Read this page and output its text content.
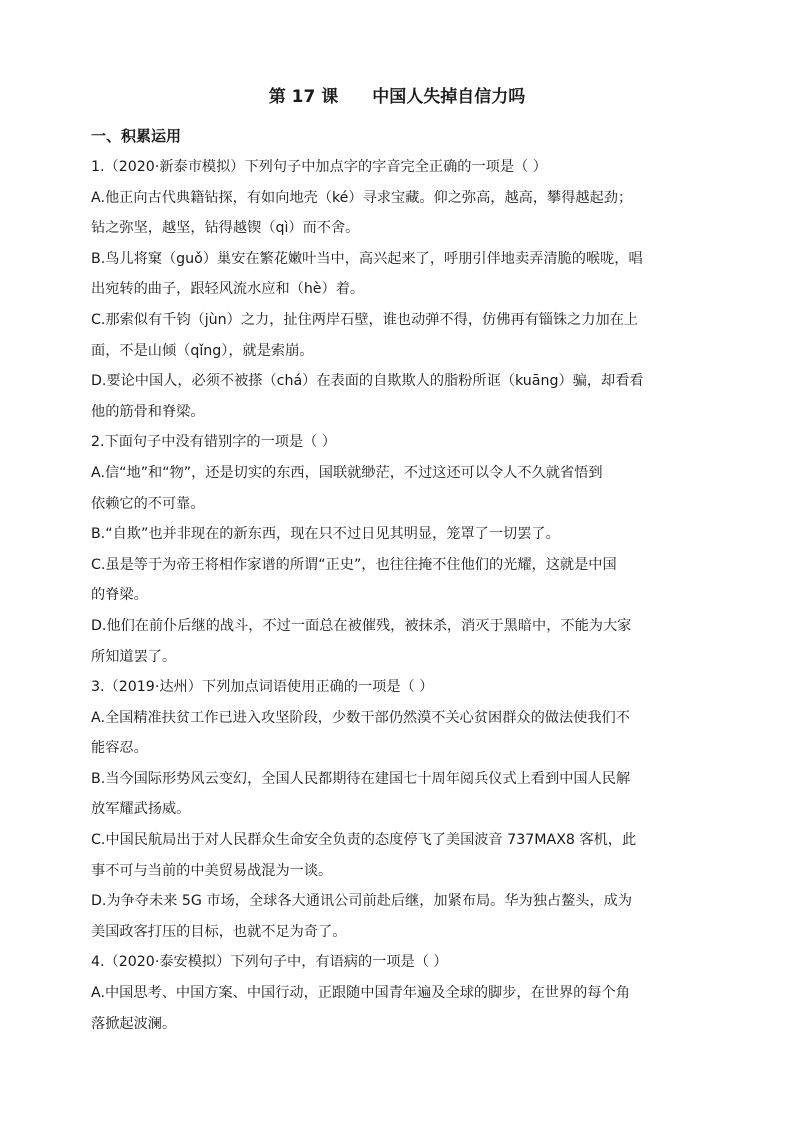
第 17 课 中国人失掉自信力吗
一、积累运用
1.（2020·新泰市模拟）下列句子中加点字的字音完全正确的一项是（ ）
A.他正向古代典籍钻探，有如向地壳（ké）寻求宝藏。仰之弥高，越高，攀得越起劲；
钻之弥坚，越坚，钻得越锲（qì）而不舍。
B.鸟儿将窠（guǒ）巢安在繁花嫩叶当中，高兴起来了，呼朋引伴地卖弄清脆的喉咙，唱
出宛转的曲子，跟轻风流水应和（hè）着。
C.那索似有千钧（jùn）之力，扯住两岸石壁，谁也动弹不得，仿佛再有锱铢之力加在上
面，不是山倾（qǐng），就是索崩。
D.要论中国人，必须不被搽（chá）在表面的自欺欺人的脂粉所诓（kuāng）骗，却看看
他的筋骨和脊梁。
2.下面句子中没有错别字的一项是（ ）
A.信“地”和“物”，还是切实的东西，国联就缈茫，不过这还可以令人不久就省悟到
依赖它的不可靠。
B.“自欺”也并非现在的新东西，现在只不过日见其明显，笼罩了一切罢了。
C.虽是等于为帝王将相作家谱的所谓“正史”，也往往掩不住他们的光耀，这就是中国
的脊梁。
D.他们在前仆后继的战斗，不过一面总在被催残，被抹杀，消灭于黑暗中，不能为大家
所知道罢了。
3.（2019·达州）下列加点词语使用正确的一项是（ ）
A.全国精准扶贫工作已进入攻坚阶段，少数干部仍然漠不关心贫困群众的做法使我们不
能容忍。
B.当今国际形势风云变幻，全国人民都期待在建国七十周年阅兵仪式上看到中国人民解
放军耀武扬威。
C.中国民航局出于对人民群众生命安全负责的态度停飞了美国波音 737MAX8 客机，此
事不可与当前的中美贸易战混为一谈。
D.为争夺未来 5G 市场，全球各大通讯公司前赴后继，加紧布局。华为独占鳌头，成为
美国政客打压的目标，也就不足为奇了。
4.（2020·泰安模拟）下列句子中，有语病的一项是（ ）
A.中国思考、中国方案、中国行动，正跟随中国青年遍及全球的脚步，在世界的每个角
落掀起波澜。
